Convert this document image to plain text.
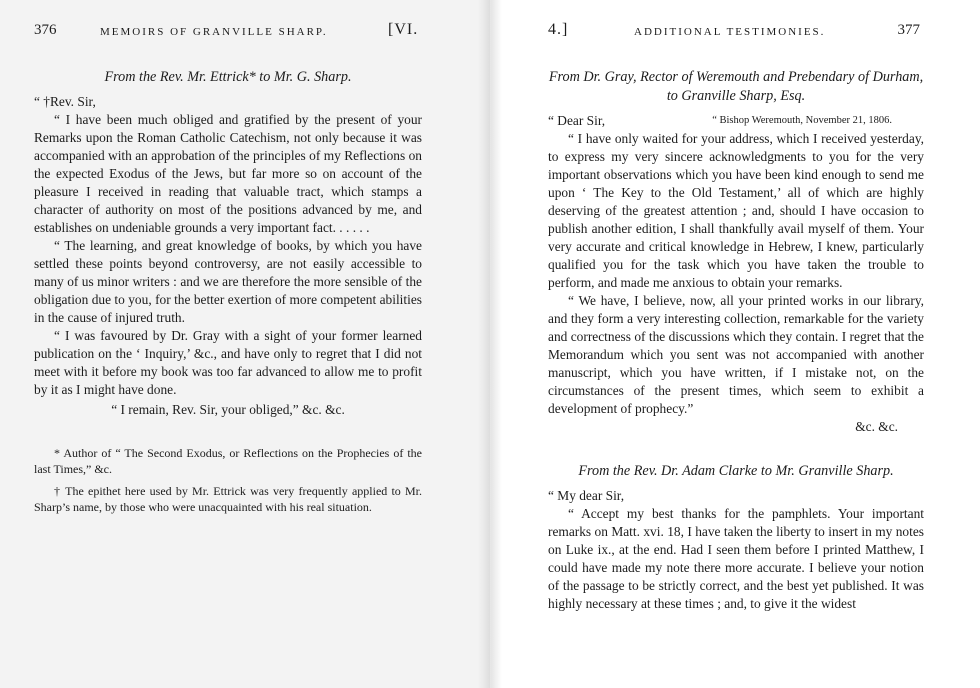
376	MEMOIRS OF GRANVILLE SHARP.	[VI.
From the Rev. Mr. Ettrick* to Mr. G. Sharp.

“ †Rev. Sir,

“ I have been much obliged and gratified by the present of your Remarks upon the Roman Catholic Catechism, not only because it was accompanied with an approbation of the principles of my Reflections on the expected Exodus of the Jews, but far more so on account of the pleasure I received in reading that valuable tract, which stamps a character of authority on most of the positions advanced by me, and establishes on undeniable grounds a very important fact. . . . . .

“ The learning, and great knowledge of books, by which you have settled these points beyond controversy, are not easily accessible to many of us minor writers : and we are therefore the more sensible of the obligation due to you, for the better exertion of more competent abilities in the cause of injured truth.

“ I was favoured by Dr. Gray with a sight of your former learned publication on the ‘ Inquiry,’ &c., and have only to regret that I did not meet with it before my book was too far advanced to allow me to profit by it as I might have done.

“ I remain, Rev. Sir, your obliged,” &c. &c.

* Author of “ The Second Exodus, or Reflections on the Prophecies of the last Times,” &c.

† The epithet here used by Mr. Ettrick was very frequently applied to Mr. Sharp’s name, by those who were unacquainted with his real situation.

4.]	ADDITIONAL TESTIMONIES.	377
From Dr. Gray, Rector of Weremouth and Prebendary of Durham, to Granville Sharp, Esq.
“ Dear Sir,	“ Bishop Weremouth, November 21, 1806.

“ I have only waited for your address, which I received yesterday, to express my very sincere acknowledgments to you for the very important observations which you have been kind enough to send me upon ‘ The Key to the Old Testament,’ all of which are highly deserving of the greatest attention ; and, should I have occasion to publish another edition, I shall thankfully avail myself of them. Your very accurate and critical knowledge in Hebrew, I knew, particularly qualified you for the task which you have taken the trouble to perform, and made me anxious to obtain your remarks.

“ We have, I believe, now, all your printed works in our library, and they form a very interesting collection, remarkable for the variety and correctness of the discussions which they contain. I regret that the Memorandum which you sent was not accompanied with another manuscript, which you have written, if I mistake not, on the circumstances of the present times, which seem to exhibit a development of prophecy.”

&c. &c.

From the Rev. Dr. Adam Clarke to Mr. Granville Sharp.

“ My dear Sir,

“ Accept my best thanks for the pamphlets. Your important remarks on Matt. xvi. 18, I have taken the liberty to insert in my notes on Luke ix., at the end. Had I seen them before I printed Matthew, I could have made my note there more accurate. I believe your notion of the passage to be strictly correct, and the best yet published. It was highly necessary at these times ; and, to give it the widest
